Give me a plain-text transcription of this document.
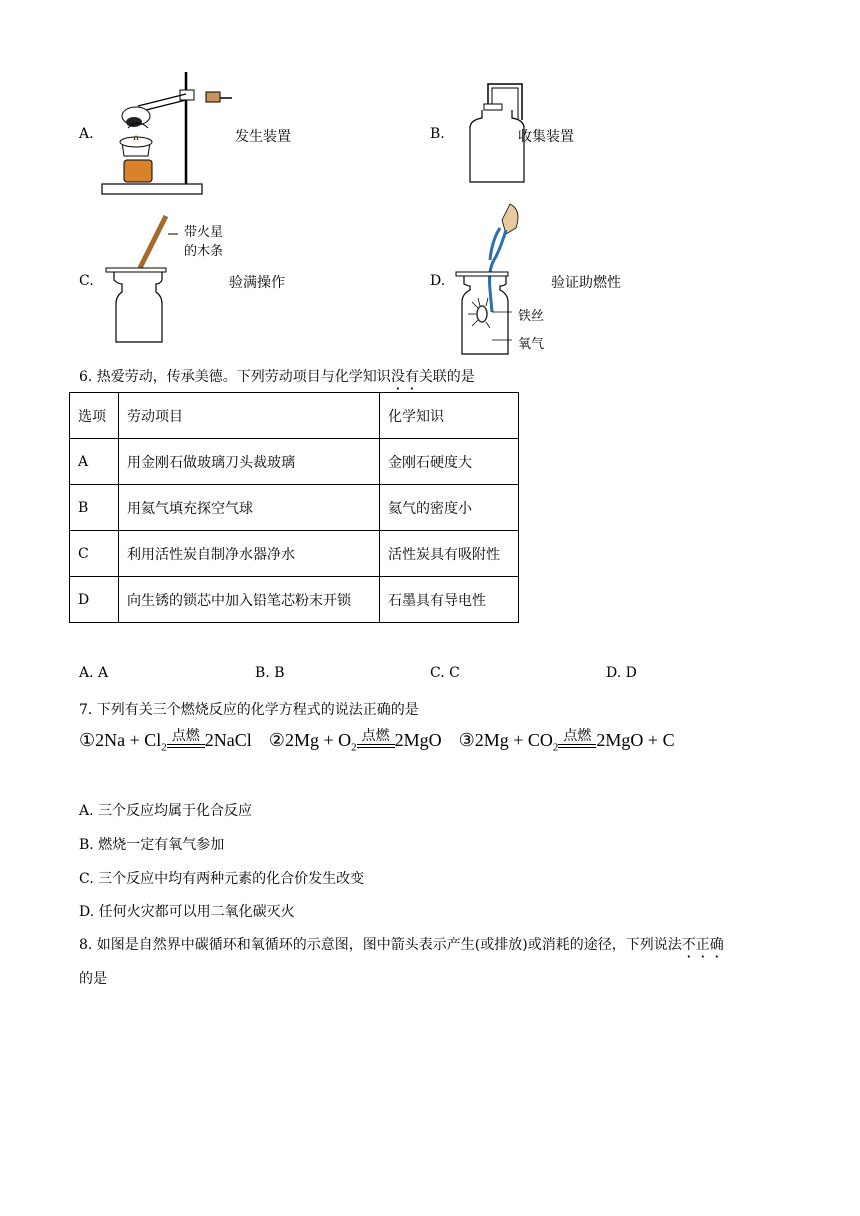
A.	发生装置	B.	收集装置
C.
带火星
的木条
验满操作	D.
铁丝
氧气
验证助燃性
6. 热爱劳动，传承美德。下列劳动项目与化学知识没有关联的是
选项	劳动项目	化学知识
A	用金刚石做玻璃刀头裁玻璃	金刚石硬度大
B	用氦气填充探空气球	氦气的密度小
C	利用活性炭自制净水器净水	活性炭具有吸附性
D	向生锈的锁芯中加入铅笔芯粉末开锁	石墨具有导电性
A. A	B. B	C. C	D. D
7. 下列有关三个燃烧反应的化学方程式的说法正确的是
①2Na + $Cl_2$
点燃 2NaCl ②2Mg + $O_2$
点燃 2MgO ③2Mg + $CO_2$
点燃 2MgO + C
A. 三个反应均属于化合反应
B. 燃烧一定有氧气参加
C. 三个反应中均有两种元素的化合价发生改变
D. 任何火灾都可以用二氧化碳灭火
8. 如图是自然界中碳循环和氧循环的示意图，图中箭头表示产生(或排放)或消耗的途径，下列说法不正确
的是
